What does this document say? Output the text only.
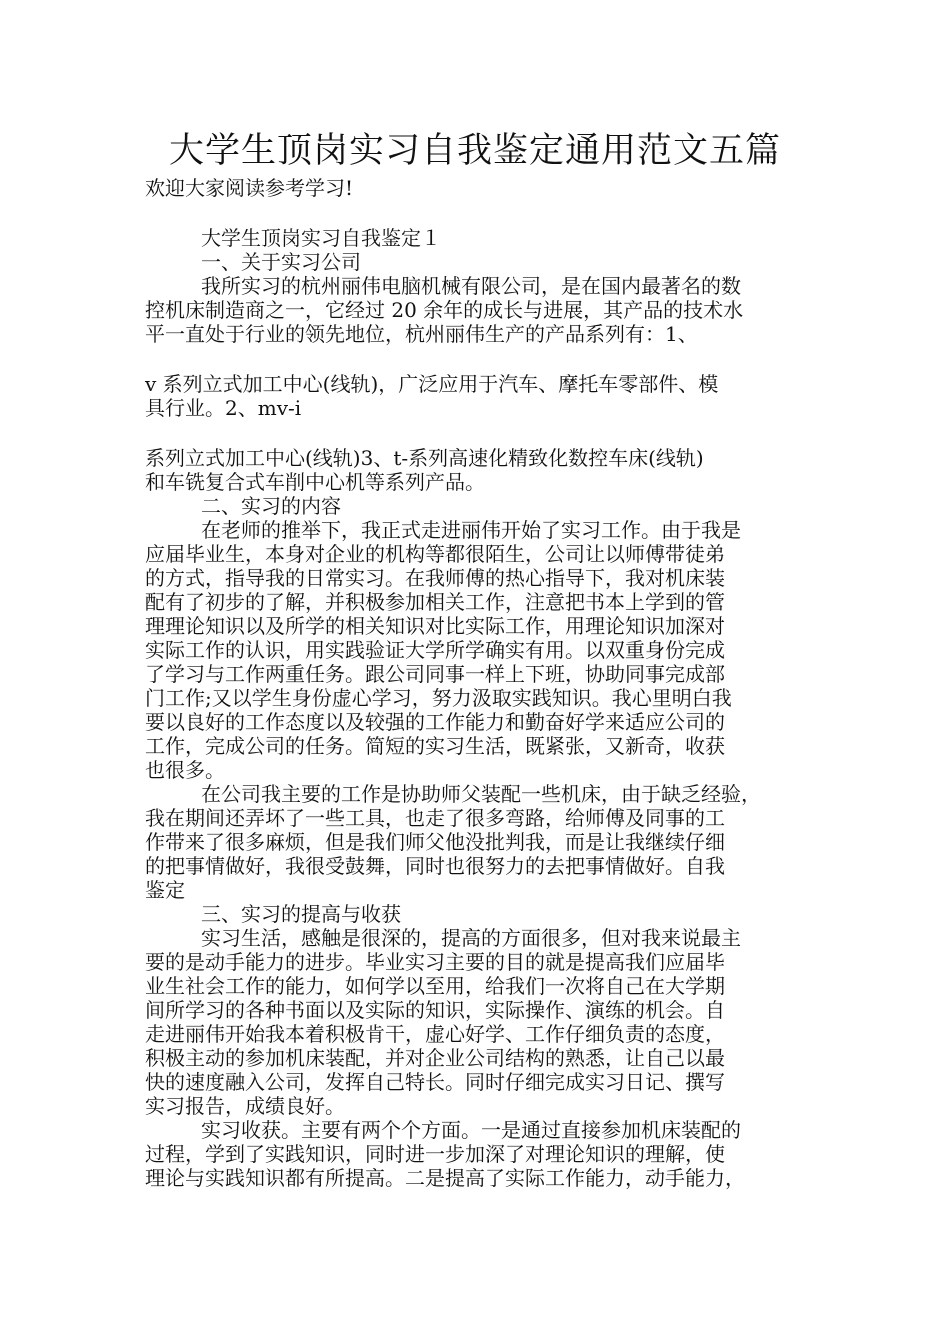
大学生顶岗实习自我鉴定通用范文五篇
欢迎大家阅读参考学习!
大学生顶岗实习自我鉴定１
一、关于实习公司
我所实习的杭州丽伟电脑机械有限公司，是在国内最著名的数
控机床制造商之一，它经过 20 余年的成长与进展，其产品的技术水
平一直处于行业的领先地位，杭州丽伟生产的产品系列有：1、
v 系列立式加工中心(线轨)，广泛应用于汽车、摩托车零部件、模
具行业。2、mv-i
系列立式加工中心(线轨)3、t-系列高速化精致化数控车床(线轨)
和车铣复合式车削中心机等系列产品。
二、实习的内容
在老师的推举下，我正式走进丽伟开始了实习工作。由于我是
应届毕业生，本身对企业的机构等都很陌生，公司让以师傅带徒弟
的方式，指导我的日常实习。在我师傅的热心指导下，我对机床装
配有了初步的了解，并积极参加相关工作，注意把书本上学到的管
理理论知识以及所学的相关知识对比实际工作，用理论知识加深对
实际工作的认识，用实践验证大学所学确实有用。以双重身份完成
了学习与工作两重任务。跟公司同事一样上下班，协助同事完成部
门工作;又以学生身份虚心学习，努力汲取实践知识。我心里明白我
要以良好的工作态度以及较强的工作能力和勤奋好学来适应公司的
工作，完成公司的任务。简短的实习生活，既紧张，又新奇，收获
也很多。
在公司我主要的工作是协助师父装配一些机床，由于缺乏经验，
我在期间还弄坏了一些工具，也走了很多弯路，给师傅及同事的工
作带来了很多麻烦，但是我们师父他没批判我，而是让我继续仔细
的把事情做好，我很受鼓舞，同时也很努力的去把事情做好。自我
鉴定
三、实习的提高与收获
实习生活，感触是很深的，提高的方面很多，但对我来说最主
要的是动手能力的进步。毕业实习主要的目的就是提高我们应届毕
业生社会工作的能力，如何学以至用，给我们一次将自己在大学期
间所学习的各种书面以及实际的知识，实际操作、演练的机会。自
走进丽伟开始我本着积极肯干，虚心好学、工作仔细负责的态度，
积极主动的参加机床装配，并对企业公司结构的熟悉，让自己以最
快的速度融入公司，发挥自己特长。同时仔细完成实习日记、撰写
实习报告，成绩良好。
实习收获。主要有两个个方面。一是通过直接参加机床装配的
过程，学到了实践知识，同时进一步加深了对理论知识的理解，使
理论与实践知识都有所提高。二是提高了实际工作能力，动手能力，
